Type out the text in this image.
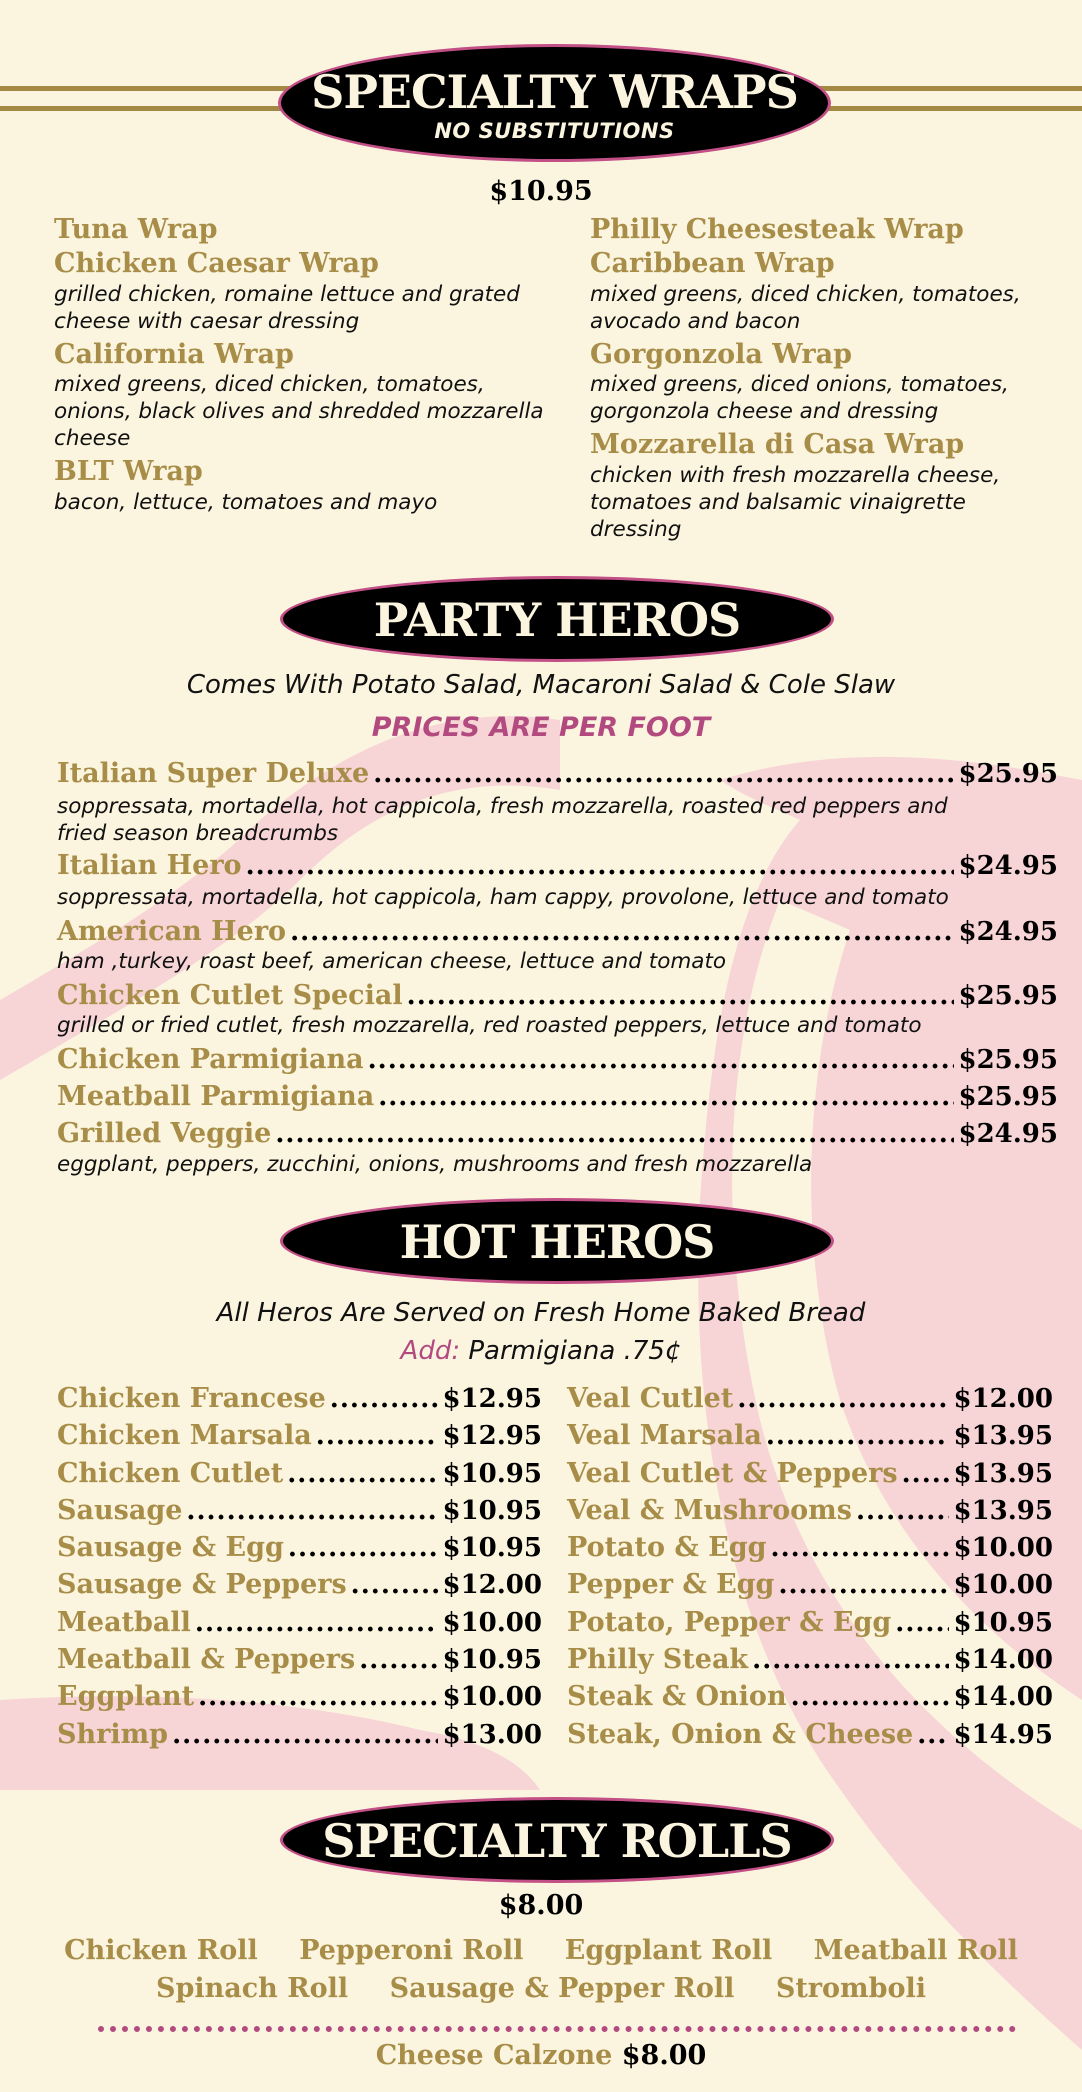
SPECIALTY WRAPS
NO SUBSTITUTIONS
$10.95
Tuna Wrap
Chicken Caesar Wrap
grilled chicken, romaine lettuce and grated cheese with caesar dressing
California Wrap
mixed greens, diced chicken, tomatoes, onions, black olives and shredded mozzarella cheese
BLT Wrap
bacon, lettuce, tomatoes and mayo
Philly Cheesesteak Wrap
Caribbean Wrap
mixed greens, diced chicken, tomatoes, avocado and bacon
Gorgonzola Wrap
mixed greens, diced onions, tomatoes, gorgonzola cheese and dressing
Mozzarella di Casa Wrap
chicken with fresh mozzarella cheese, tomatoes and balsamic vinaigrette dressing
PARTY HEROS
Comes With Potato Salad, Macaroni Salad & Cole Slaw
PRICES ARE PER FOOT
Italian Super Deluxe .....	$25.95
soppressata, mortadella, hot cappicola, fresh mozzarella, roasted red peppers and fried season breadcrumbs
Italian Hero .....	$24.95
soppressata, mortadella, hot cappicola, ham cappy, provolone, lettuce and tomato
American Hero .....	$24.95
ham ,turkey, roast beef, american cheese, lettuce and tomato
Chicken Cutlet Special .....	$25.95
grilled or fried cutlet, fresh mozzarella, red roasted peppers, lettuce and tomato
Chicken Parmigiana .....	$25.95
Meatball Parmigiana .....	$25.95
Grilled Veggie .....	$24.95
eggplant, peppers, zucchini, onions, mushrooms and fresh mozzarella
HOT HEROS
All Heros Are Served on Fresh Home Baked Bread
Add: Parmigiana .75¢
Chicken Francese .....	$12.95
Chicken Marsala .....	$12.95
Chicken Cutlet .....	$10.95
Sausage .....	$10.95
Sausage & Egg .....	$10.95
Sausage & Peppers .....	$12.00
Meatball .....	$10.00
Meatball & Peppers .....	$10.95
Eggplant .....	$10.00
Shrimp .....	$13.00
Veal Cutlet .....	$12.00
Veal Marsala .....	$13.95
Veal Cutlet & Peppers ..... $13.95
Veal & Mushrooms .....	$13.95
Potato & Egg .....	$10.00
Pepper & Egg .....	$10.00
Potato, Pepper & Egg ..... $10.95
Philly Steak .....	$14.00
Steak & Onion .....	$14.00
Steak, Onion & Cheese ..... $14.95
SPECIALTY ROLLS
$8.00
Chicken Roll Pepperoni Roll Eggplant Roll Meatball Roll
Spinach Roll Sausage & Pepper Roll Stromboli
Cheese Calzone $8.00
